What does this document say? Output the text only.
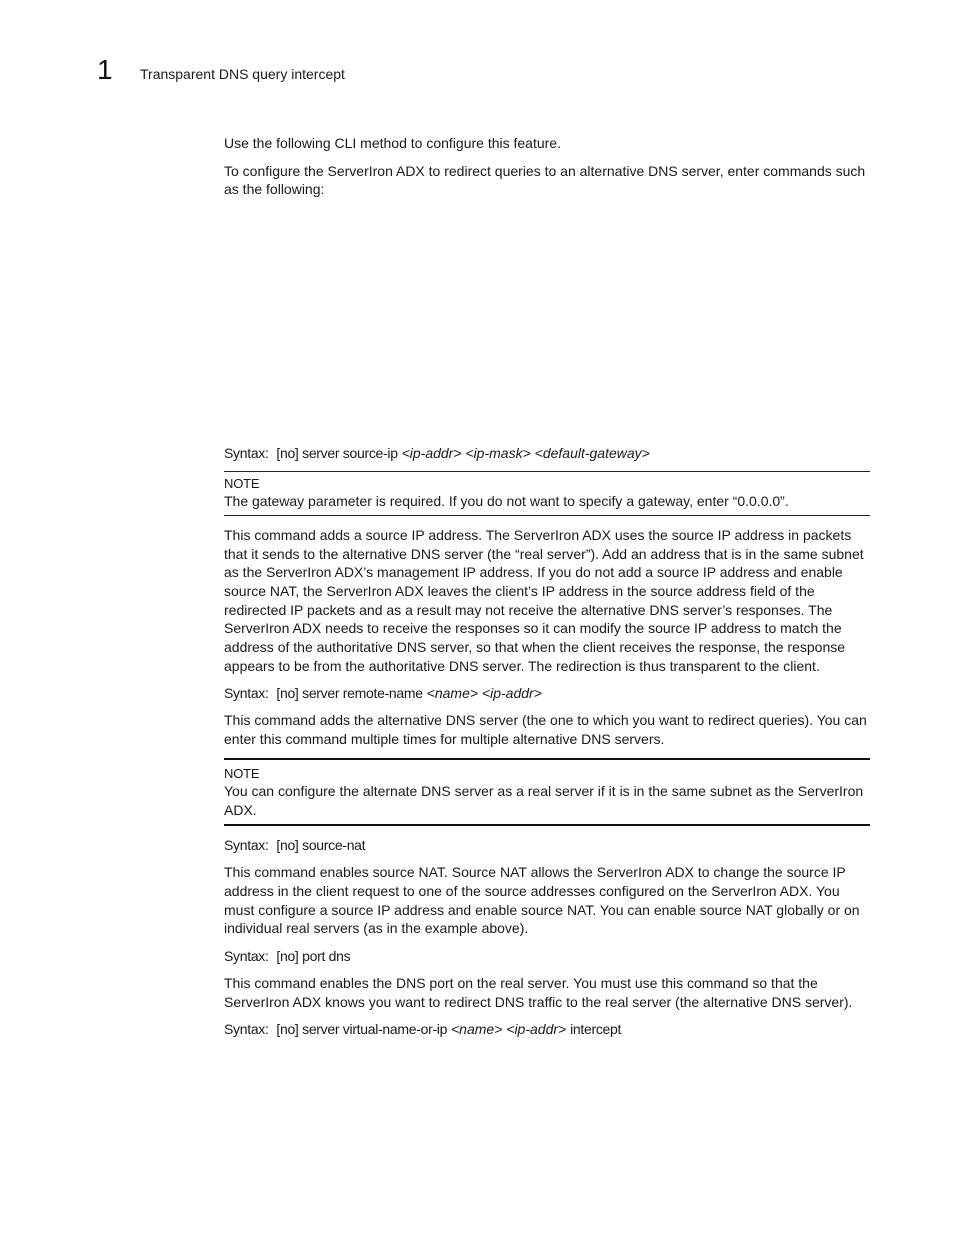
1 Transparent DNS query intercept

Use the following CLI method to configure this feature.

To configure the ServerIron ADX to redirect queries to an alternative DNS server, enter commands such as the following:

Syntax: [no] server source-ip <ip-addr> <ip-mask> <default-gateway>
NOTE
The gateway parameter is required. If you do not want to specify a gateway, enter “0.0.0.0”.

This command adds a source IP address. The ServerIron ADX uses the source IP address in packets that it sends to the alternative DNS server (the “real server”). Add an address that is in the same subnet as the ServerIron ADX’s management IP address. If you do not add a source IP address and enable source NAT, the ServerIron ADX leaves the client’s IP address in the source address field of the redirected IP packets and as a result may not receive the alternative DNS server’s responses. The ServerIron ADX needs to receive the responses so it can modify the source IP address to match the address of the authoritative DNS server, so that when the client receives the response, the response appears to be from the authoritative DNS server. The redirection is thus transparent to the client.

Syntax: [no] server remote-name <name> <ip-addr>

This command adds the alternative DNS server (the one to which you want to redirect queries). You can enter this command multiple times for multiple alternative DNS servers.

NOTE
You can configure the alternate DNS server as a real server if it is in the same subnet as the ServerIron ADX.
Syntax: [no] source-nat

This command enables source NAT. Source NAT allows the ServerIron ADX to change the source IP address in the client request to one of the source addresses configured on the ServerIron ADX. You must configure a source IP address and enable source NAT. You can enable source NAT globally or on individual real servers (as in the example above).

Syntax: [no] port dns

This command enables the DNS port on the real server. You must use this command so that the ServerIron ADX knows you want to redirect DNS traffic to the real server (the alternative DNS server).

Syntax: [no] server virtual-name-or-ip <name> <ip-addr> intercept
